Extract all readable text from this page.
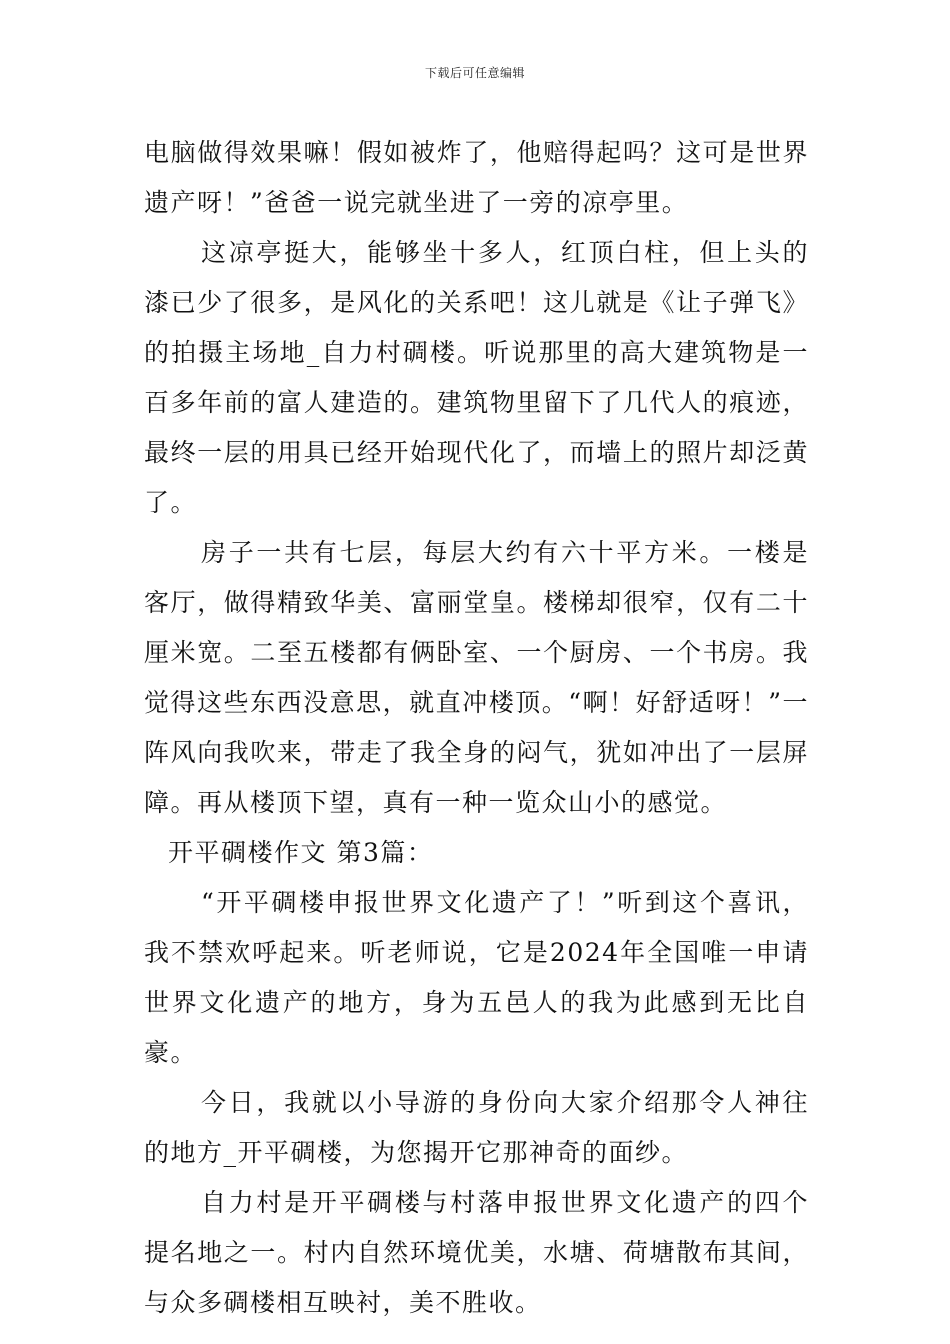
下载后可任意编辑

电脑做得效果嘛！假如被炸了，他赔得起吗？这可是世界遗产呀！”爸爸一说完就坐进了一旁的凉亭里。

这凉亭挺大，能够坐十多人，红顶白柱，但上头的漆已少了很多，是风化的关系吧！这儿就是《让子弹飞》的拍摄主场地_自力村碉楼。听说那里的高大建筑物是一百多年前的富人建造的。建筑物里留下了几代人的痕迹，最终一层的用具已经开始现代化了，而墙上的照片却泛黄了。

房子一共有七层，每层大约有六十平方米。一楼是客厅，做得精致华美、富丽堂皇。楼梯却很窄，仅有二十厘米宽。二至五楼都有俩卧室、一个厨房、一个书房。我觉得这些东西没意思，就直冲楼顶。“啊！好舒适呀！”一阵风向我吹来，带走了我全身的闷气，犹如冲出了一层屏障。再从楼顶下望，真有一种一览众山小的感觉。

开平碉楼作文 第3篇：

“开平碉楼申报世界文化遗产了！”听到这个喜讯，我不禁欢呼起来。听老师说，它是2024年全国唯一申请世界文化遗产的地方，身为五邑人的我为此感到无比自豪。

今日，我就以小导游的身份向大家介绍那令人神往的地方_开平碉楼，为您揭开它那神奇的面纱。

自力村是开平碉楼与村落申报世界文化遗产的四个提名地之一。村内自然环境优美，水塘、荷塘散布其间，与众多碉楼相互映衬，美不胜收。
